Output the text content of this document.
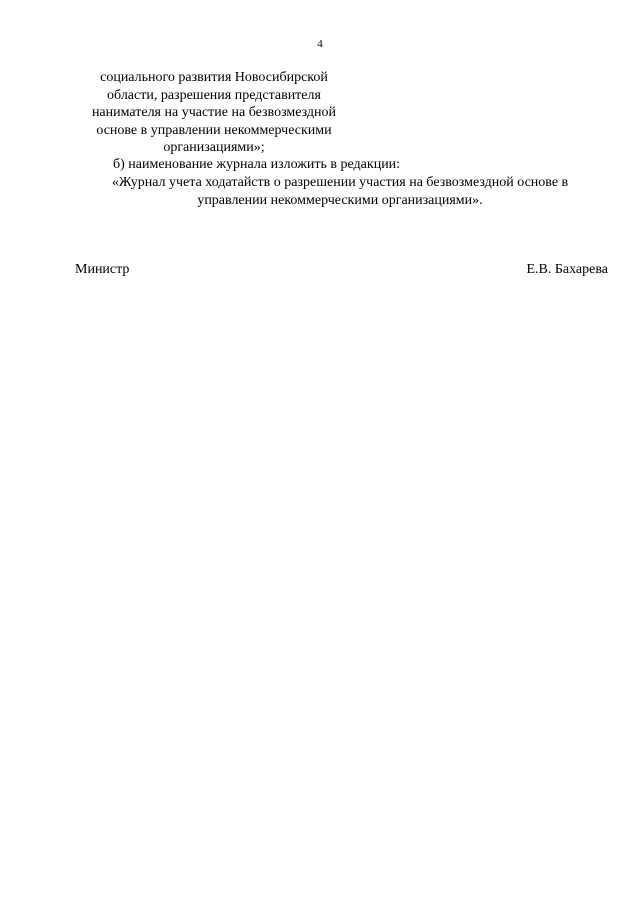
4
социального развития Новосибирской
области, разрешения представителя
нанимателя на участие на безвозмездной
основе в управлении некоммерческими
организациями»;
б) наименование журнала изложить в редакции:
«Журнал учета ходатайств о разрешении участия на безвозмездной основе в
управлении некоммерческими организациями».
Министр	Е.В. Бахарева
